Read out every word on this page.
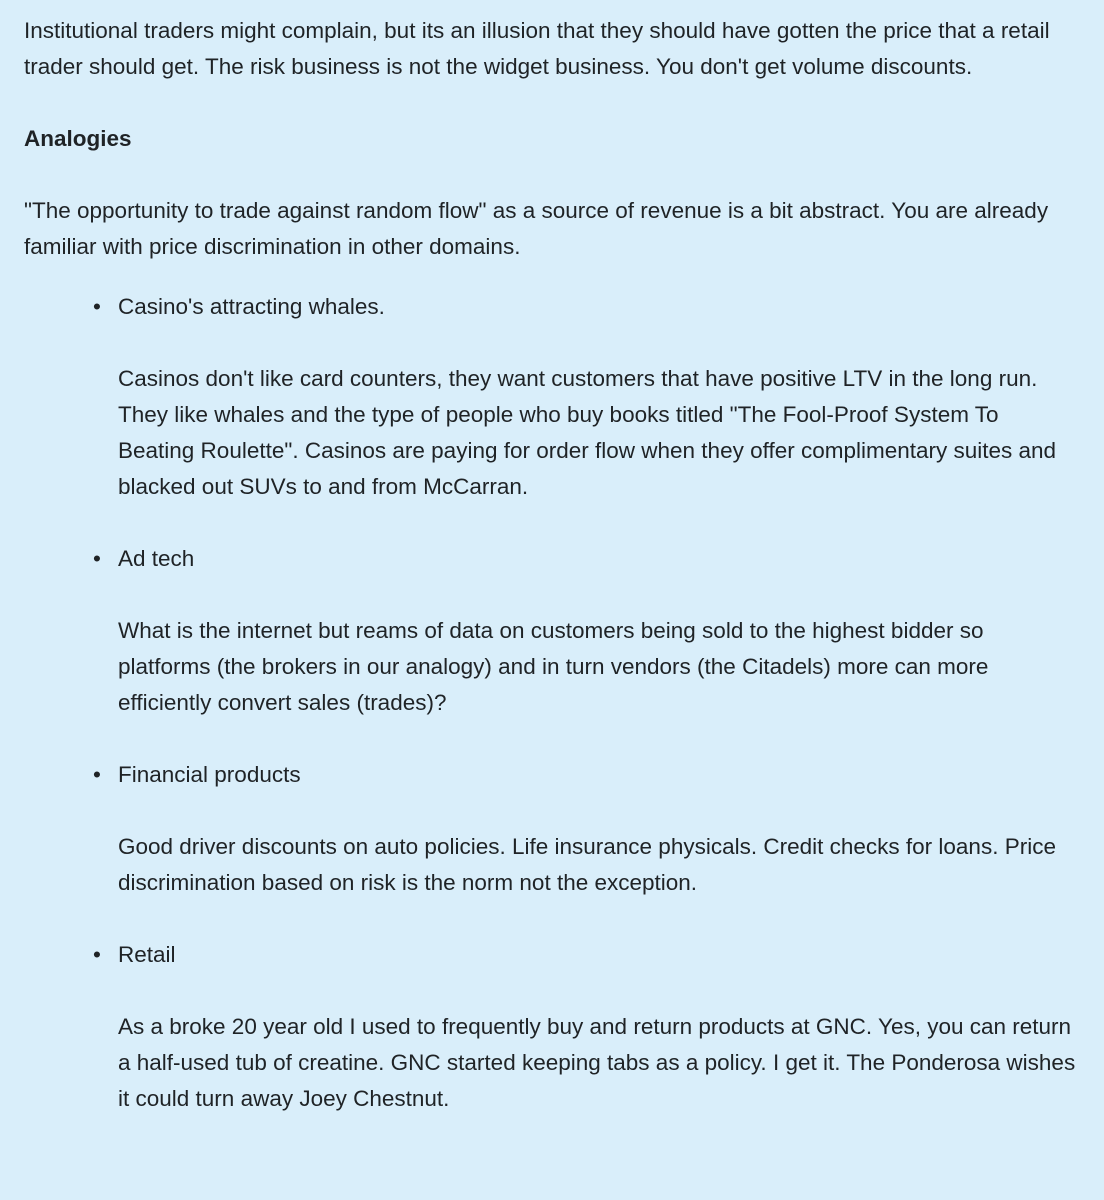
Institutional traders might complain, but its an illusion that they should have gotten the price that a retail trader should get. The risk business is not the widget business. You don't get volume discounts.

Analogies

"The opportunity to trade against random flow" as a source of revenue is a bit abstract. You are already familiar with price discrimination in other domains.

• Casino's attracting whales.
Casinos don't like card counters, they want customers that have positive LTV in the long run. They like whales and the type of people who buy books titled "The Fool-Proof System To Beating Roulette". Casinos are paying for order flow when they offer complimentary suites and blacked out SUVs to and from McCarran.
• Ad tech
What is the internet but reams of data on customers being sold to the highest bidder so platforms (the brokers in our analogy) and in turn vendors (the Citadels) more can more efficiently convert sales (trades)?
• Financial products
Good driver discounts on auto policies. Life insurance physicals. Credit checks for loans. Price discrimination based on risk is the norm not the exception.
• Retail
As a broke 20 year old I used to frequently buy and return products at GNC. Yes, you can return a half-used tub of creatine. GNC started keeping tabs as a policy. I get it. The Ponderosa wishes it could turn away Joey Chestnut.
